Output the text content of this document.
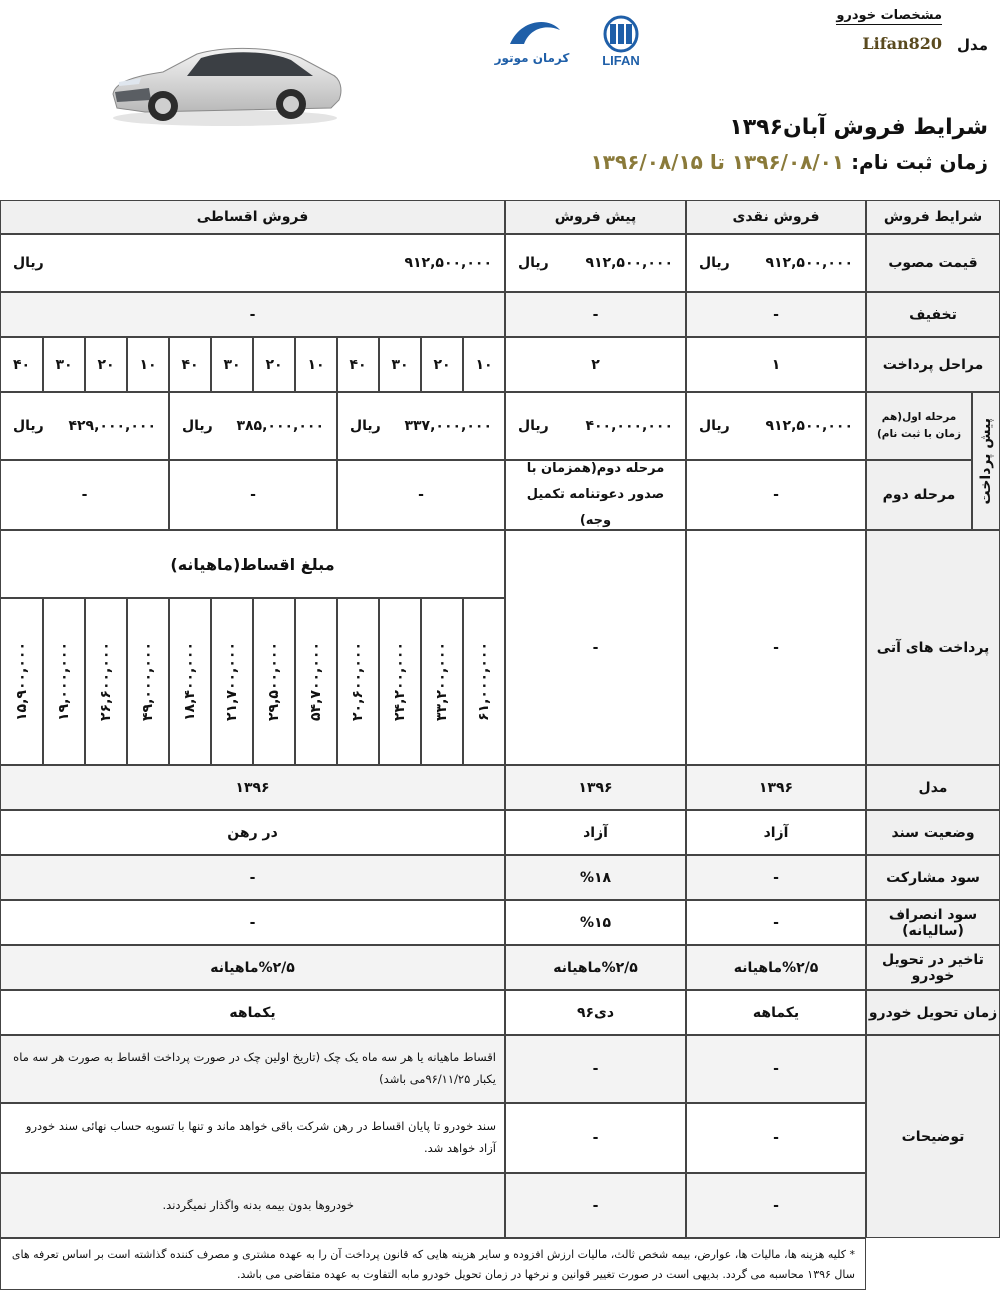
مشخصات خودرو
مدل
Lifan820
شرایط فروش آبان۱۳۹۶
زمان ثبت نام: ۱۳۹۶/۰۸/۰۱ تا ۱۳۹۶/۰۸/۱۵
LIFAN
کرمان موتور
شرایط فروش
فروش نقدی
پیش فروش
فروش اقساطی
قیمت مصوب
۹۱۲,۵۰۰,۰۰۰
ریال
۹۱۲,۵۰۰,۰۰۰
ریال
۹۱۲,۵۰۰,۰۰۰
ریال
تخفیف
-
-
-
مراحل پرداخت
۱
۲
۱۰
۲۰
۳۰
۴۰
۱۰
۲۰
۳۰
۴۰
۱۰
۲۰
۳۰
۴۰
پیش پرداخت
مرحله اول(هم زمان با ثبت نام)
۹۱۲,۵۰۰,۰۰۰
ریال
۴۰۰,۰۰۰,۰۰۰
ریال
۳۳۷,۰۰۰,۰۰۰
ریال
۳۸۵,۰۰۰,۰۰۰
ریال
۴۲۹,۰۰۰,۰۰۰
ریال
مرحله دوم
-
مرحله دوم(همزمان با صدور دعوتنامه تکمیل وجه)
-
-
-
پرداخت های آتی
-
-
مبلغ اقساط(ماهیانه)
۶۱,۰۰۰,۰۰۰
۳۳,۲۰۰,۰۰۰
۲۴,۲۰۰,۰۰۰
۲۰,۶۰۰,۰۰۰
۵۴,۷۰۰,۰۰۰
۲۹,۵۰۰,۰۰۰
۲۱,۷۰۰,۰۰۰
۱۸,۴۰۰,۰۰۰
۴۹,۰۰۰,۰۰۰
۲۶,۶۰۰,۰۰۰
۱۹,۰۰۰,۰۰۰
۱۵,۹۰۰,۰۰۰
مدل
۱۳۹۶
۱۳۹۶
۱۳۹۶
وضعیت سند
آزاد
آزاد
در رهن
سود مشارکت
-
%۱۸
-
سود انصراف (سالیانه)
-
%۱۵
-
تاخیر در تحویل خودرو
%۲/۵ماهیانه
%۲/۵ماهیانه
%۲/۵ماهیانه
زمان تحویل خودرو
یکماهه
دی۹۶
یکماهه
توضیحات
-
-
اقساط ماهیانه یا هر سه ماه یک چک (تاریخ اولین چک در صورت پرداخت اقساط به صورت هر سه ماه یکبار ۹۶/۱۱/۲۵می باشد)
-
-
سند خودرو تا پایان اقساط در رهن شرکت باقی خواهد ماند و تنها با تسویه حساب نهائی سند خودرو آزاد خواهد شد.
-
-
خودروها بدون بیمه بدنه واگذار نمیگردند.
* کلیه هزینه ها، مالیات ها، عوارض، بیمه شخص ثالث، مالیات ارزش افزوده و سایر هزینه هایی که قانون پرداخت آن را به عهده مشتری و مصرف کننده گذاشته است بر اساس تعرفه های سال ۱۳۹۶ محاسبه می گردد. بدیهی است در صورت تغییر قوانین و نرخها در زمان تحویل خودرو مابه التفاوت به عهده متقاضی می باشد.
